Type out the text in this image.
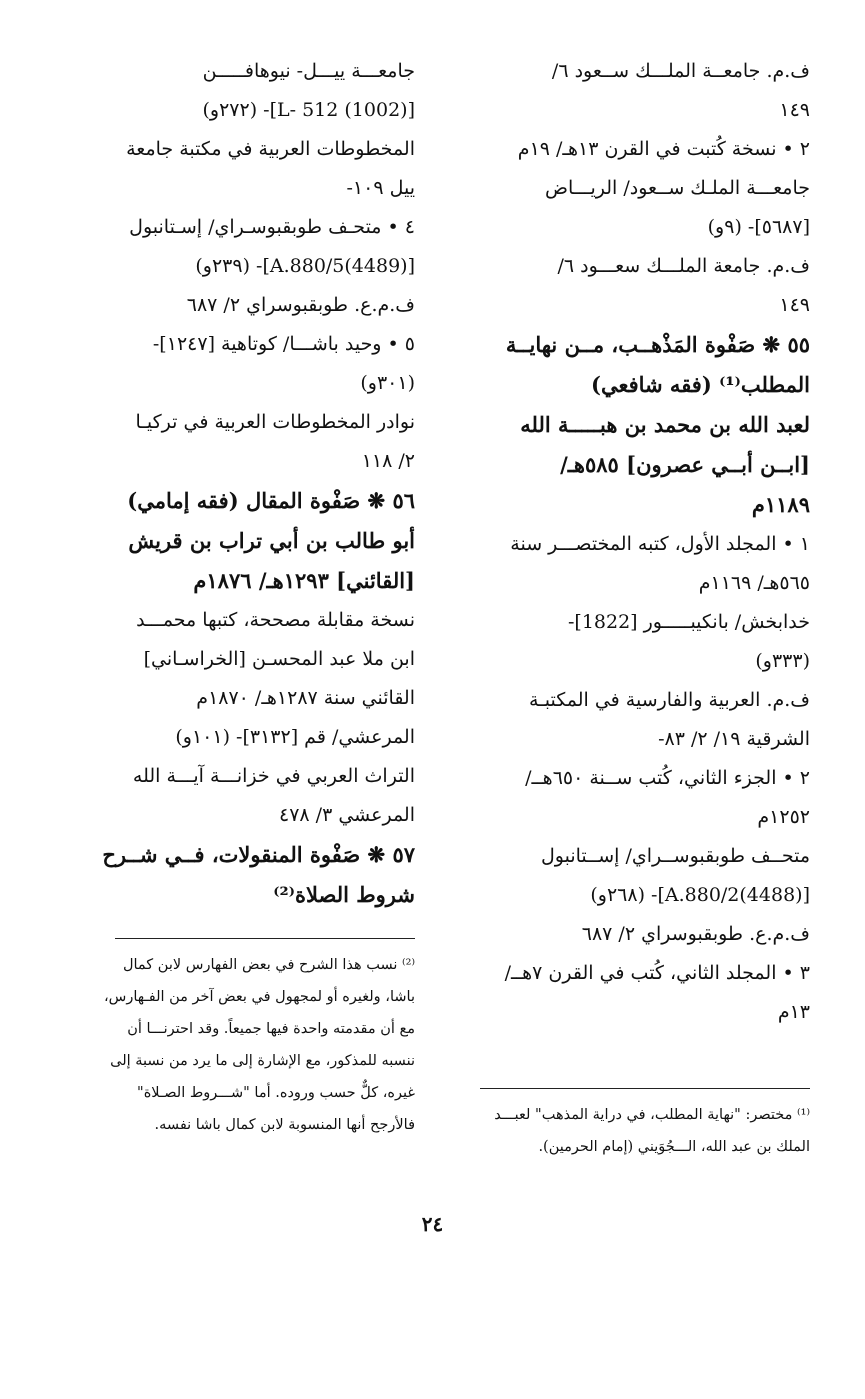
ف.م. جامعــة الملـــك ســعود ٦/
١٤٩
٢ • نسخة كُتبت في القرن ١٣هـ/ ١٩م
جامعـــة الملـك ســعود/ الريـــاض
[٥٦٨٧]- (٩و)
ف.م. جامعة الملـــك سعـــود ٦/
١٤٩
٥٥ ❋ صَفْوة المَذْهــب، مــن نهايــة
المطلب⁽¹⁾ (فقه شافعي)
لعبد الله بن محمد بن هبـــــة الله
[ابــن أبــي عصرون] ٥٨٥هـ/
١١٨٩م
١ • المجلد الأول، كتبه المختصـــر سنة
٥٦٥هـ/ ١١٦٩م
خدابخش/ بانكيبـــــور [1822]-
(٣٣٣و)
ف.م. العربية والفارسية في المكتبـة
الشرقية ١٩/ ٢/ ٨٣-
٢ • الجزء الثاني، كُتب ســنة ٦٥٠هــ/
١٢٥٢م
متحــف طوبقبوســراي/ إســتانبول
[A.880/2(4488)]- (٢٦٨و)
ف.م.ع. طوبقبوسراي ٢/ ٦٨٧
٣ • المجلد الثاني، كُتب في القرن ٧هــ/
١٣م
جامعـــة ييـــل- نيوهافـــــن
[L- 512 (1002)]- (٢٧٢و)
المخطوطات العربية في مكتبة جامعة
ييل ١٠٩-
٤ • متحـف طوبقبوسـراي/ إسـتانبول
[A.880/5(4489)]- (٢٣٩و)
ف.م.ع. طوبقبوسراي ٢/ ٦٨٧
٥ • وحيد باشـــا/ كوتاهية [١٢٤٧]-
(٣٠١و)
نوادر المخطوطات العربية في تركيـا
٢/ ١١٨
٥٦ ❋ صَفْوة المقال (فقه إمامي)
أبو طالب بن أبي تراب بن قريش
[القائني] ١٢٩٣هـ/ ١٨٧٦م
نسخة مقابلة مصححة، كتبها محمـــد
ابن ملا عبد المحسـن [الخراسـاني]
القائني سنة ١٢٨٧هـ/ ١٨٧٠م
المرعشي/ قم [٣١٣٢]- (١٠١و)
التراث العربي في خزانـــة آيـــة الله
المرعشي ٣/ ٤٧٨
٥٧ ❋ صَفْوة المنقولات، فــي شــرح
شروط الصلاة⁽²⁾
⁽¹⁾ مختصر: "نهاية المطلب، في دراية المذهب" لعبـــد
الملك بن عبد الله، الـــجُوَيني (إمام الحرمين).
⁽²⁾ نسب هذا الشرح في بعض الفهارس لابن كمال
باشا، ولغيره أو لمجهول في بعض آخر من الفـهارس،
مع أن مقدمته واحدة فيها جميعاً. وقد احترنـــا أن
ننسبه للمذكور، مع الإشارة إلى ما يرد من نسبة إلى
غيره، كلٌّ حسب وروده. أما "شـــروط الصـلاة"
فالأرجح أنها المنسوبة لابن كمال باشا نفسه.
٢٤
